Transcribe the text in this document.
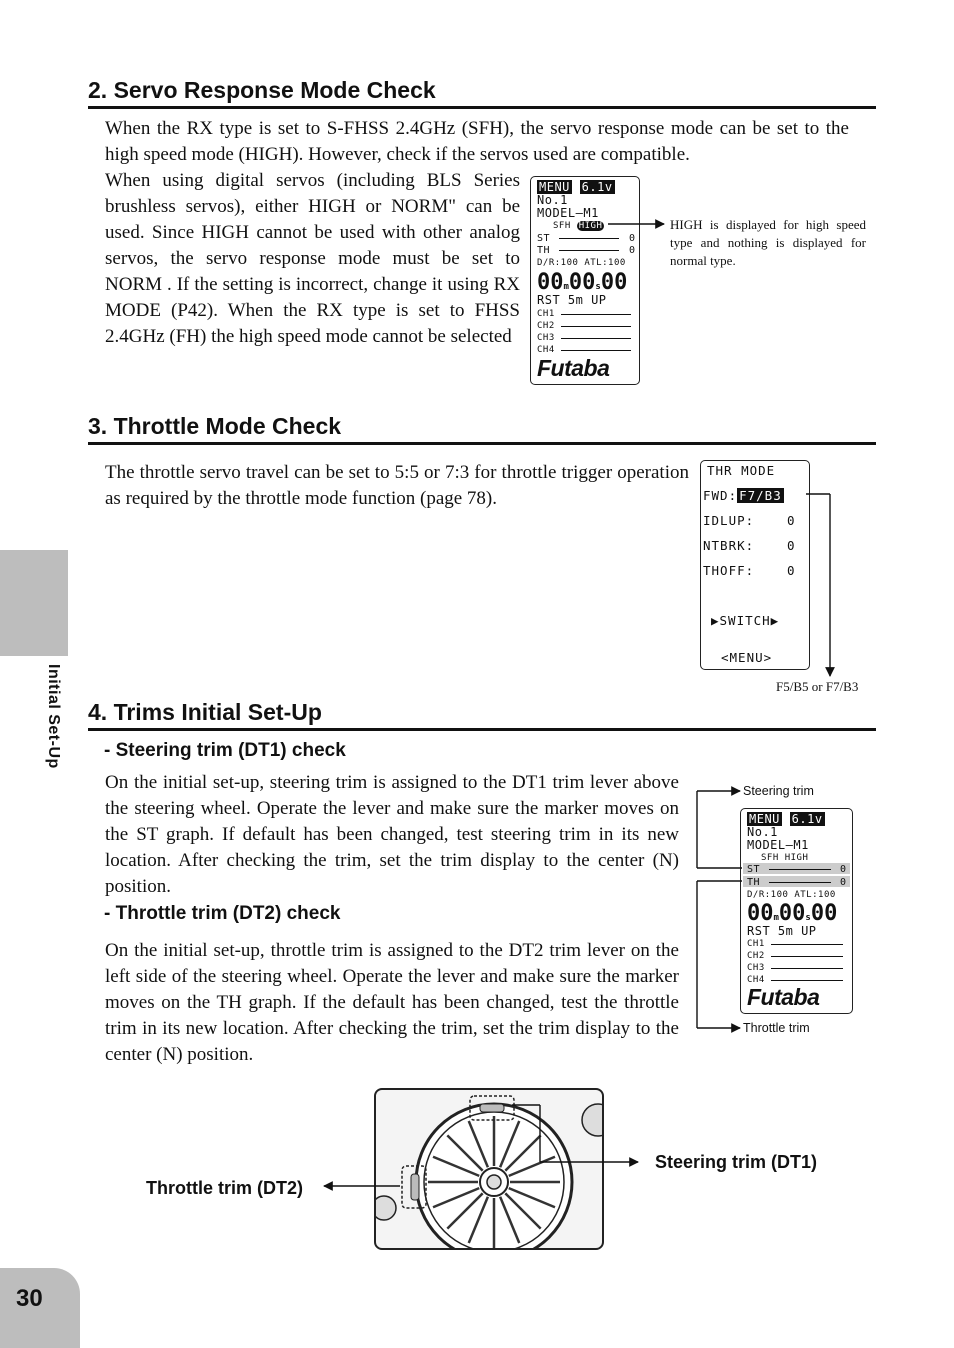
Initial Set-Up
30
2. Servo Response Mode Check
When the RX type is set to S-FHSS 2.4GHz (SFH), the servo response mode can be set to the high speed mode (HIGH). However, check if the servos used are compatible.
When using digital servos (including BLS Series brushless servos), either HIGH or NORM" can be used. Since HIGH cannot be used with other analog servos, the servo response mode must be set to NORM . If the setting is incorrect, change it using RX MODE (P42). When the RX type is set to FHSS 2.4GHz (FH) the high speed mode cannot be selected
MENU 6.1v
No.1
MODEL–M1
SFH HIGH
ST	0
TH	0
D/R:100 ATL:100
00m00s00
RST 5m UP
CH1
CH2
CH3
CH4
Futaba
HIGH is displayed for high speed type and nothing is displayed for normal type.
3. Throttle Mode Check
The throttle servo travel can be set to 5:5 or 7:3 for throttle trigger operation as required by the throttle mode function (page 78).
THR MODE
FWD: F7/B3
IDLUP:	0
NTBRK:	0
THOFF:	0
▶SWITCH▶
<MENU>
F5/B5 or F7/B3
4. Trims Initial Set-Up
- Steering trim (DT1) check
On the initial set-up, steering trim is assigned to the DT1 trim lever above the steering wheel. Operate the lever and make sure the marker moves on the ST graph. If default has been changed, test steering trim in its new location. After checking the trim, set the trim display to the center (N) position.
- Throttle trim (DT2) check
On the initial set-up, throttle trim is assigned to the DT2 trim lever on the left side of the steering wheel. Operate the lever and make sure the marker moves on the TH graph. If the default has been changed, test the throttle trim in its new location. After checking the trim, set the trim display to the center (N) position.
Steering trim
Throttle trim
MENU 6.1v
No.1
MODEL–M1
SFH HIGH
ST	0
TH	0
D/R:100 ATL:100
00m00s00
RST 5m UP
CH1
CH2
CH3
CH4
Futaba
Steering trim (DT1)
Throttle trim (DT2)
